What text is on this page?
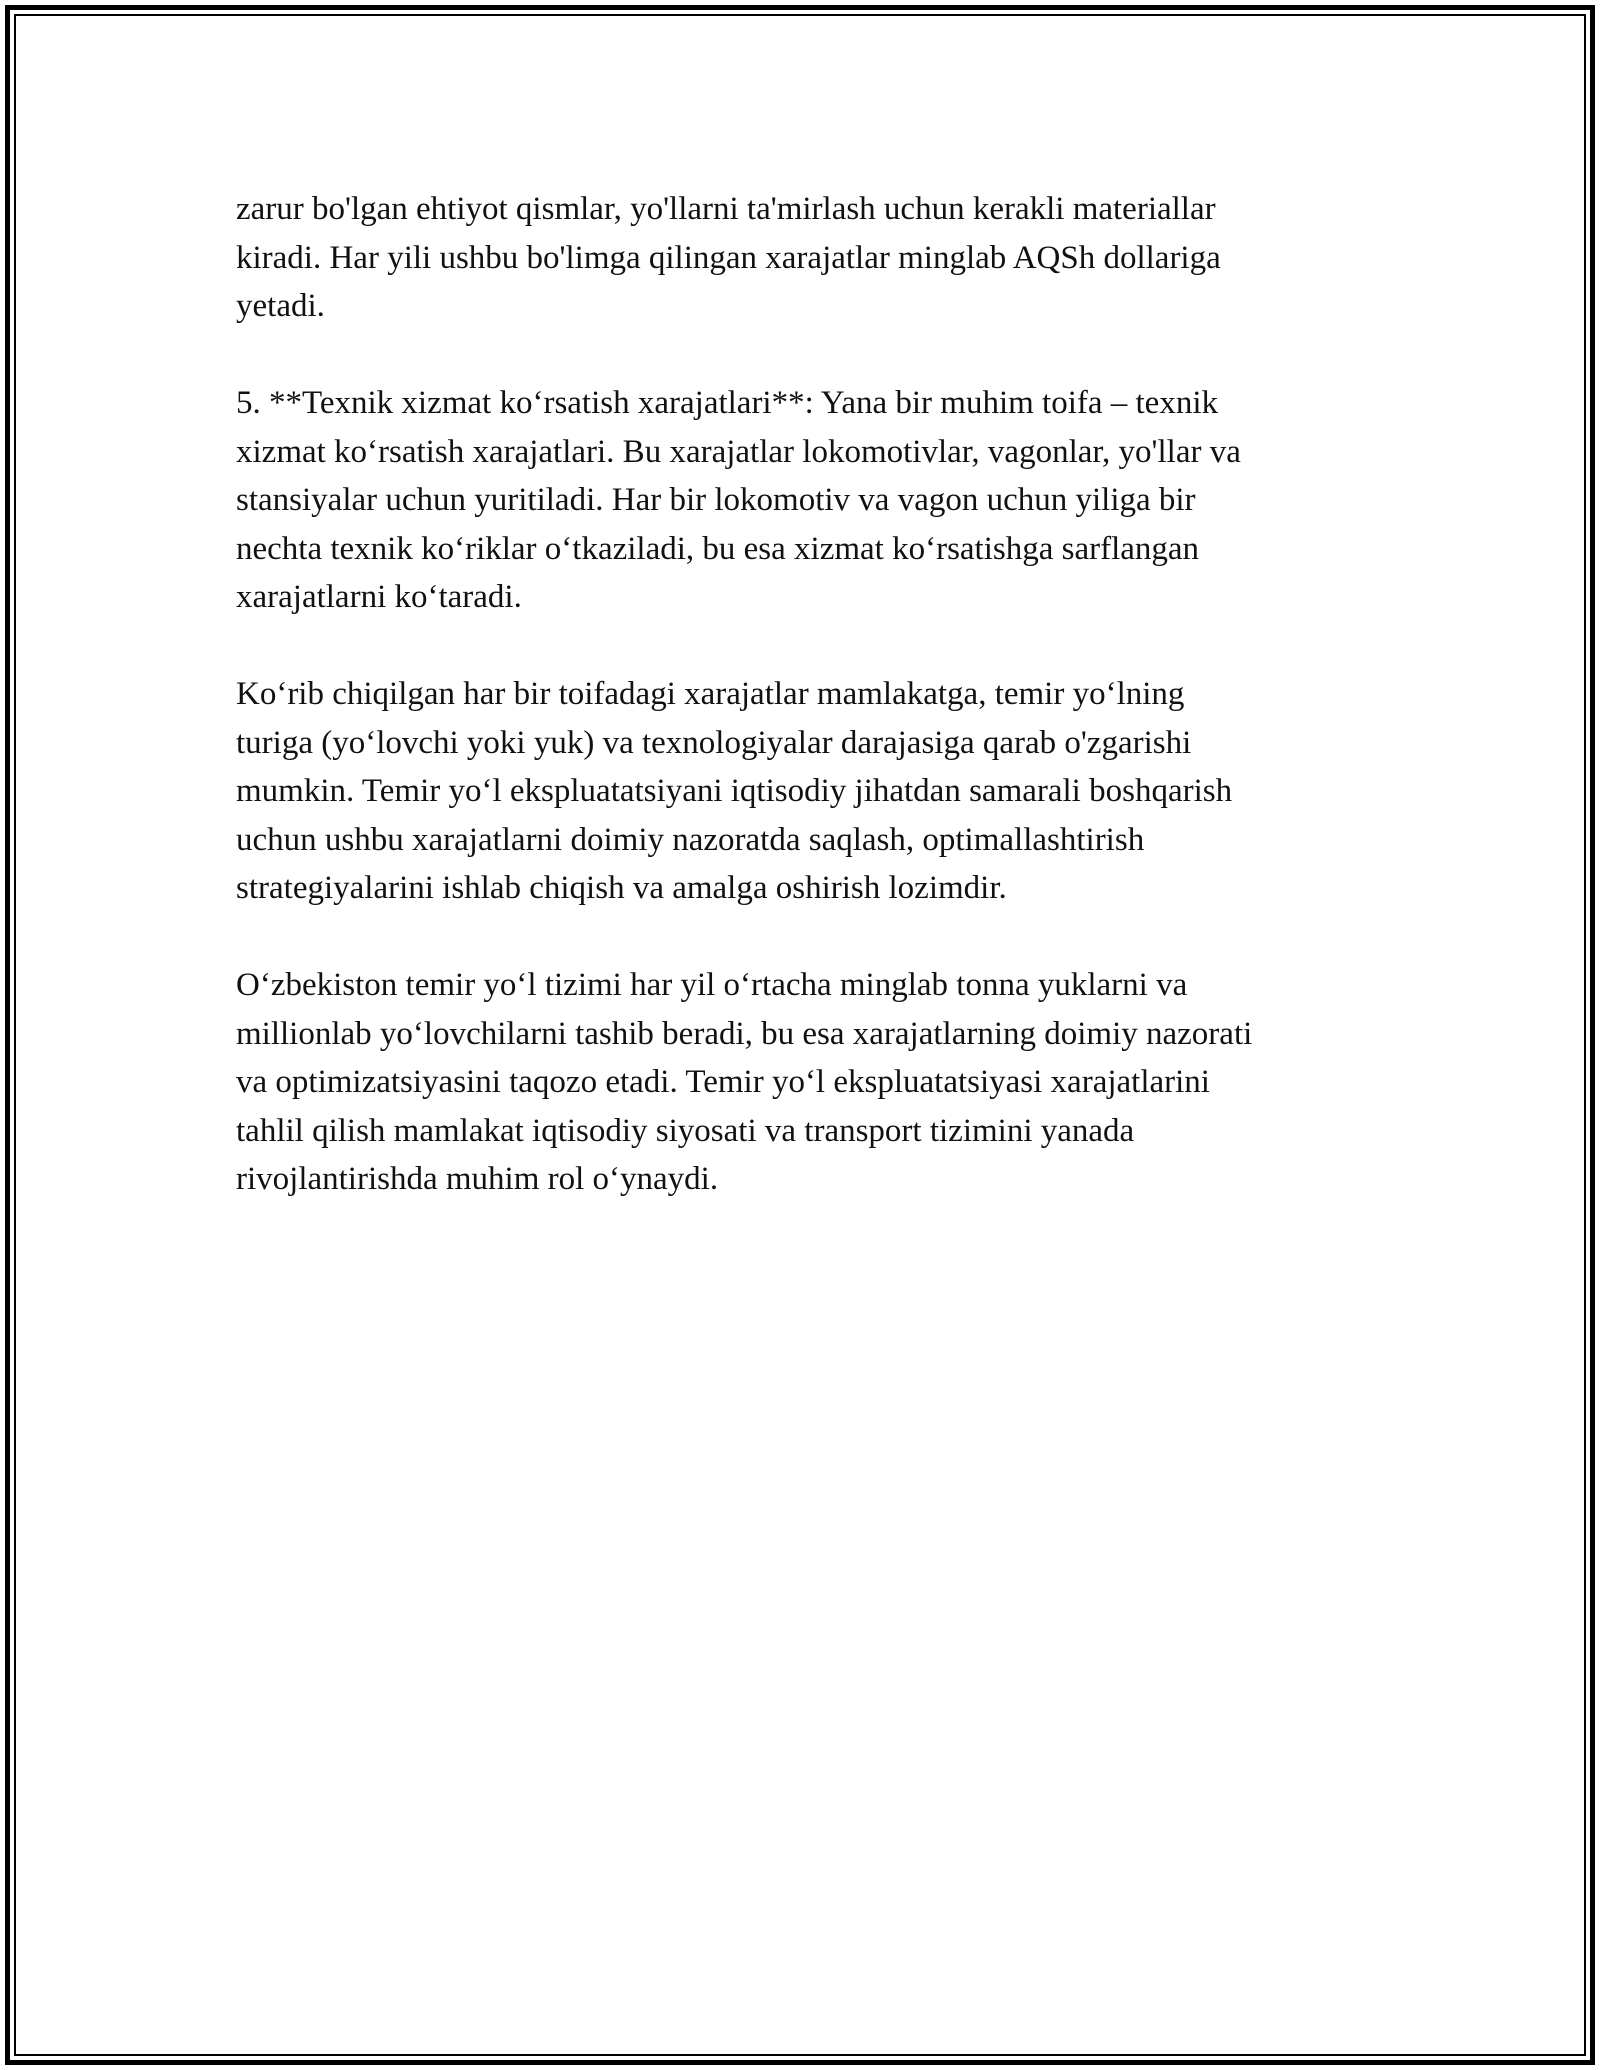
zarur bo'lgan ehtiyot qismlar, yo'llarni ta'mirlash uchun kerakli materiallar
kiradi. Har yili ushbu bo'limga qilingan xarajatlar minglab AQSh dollariga
yetadi.

5. **Texnik xizmat koʻrsatish xarajatlari**: Yana bir muhim toifa – texnik
xizmat koʻrsatish xarajatlari. Bu xarajatlar lokomotivlar, vagonlar, yo'llar va
stansiyalar uchun yuritiladi. Har bir lokomotiv va vagon uchun yiliga bir
nechta texnik koʻriklar oʻtkaziladi, bu esa xizmat koʻrsatishga sarflangan
xarajatlarni koʻtaradi.

Koʻrib chiqilgan har bir toifadagi xarajatlar mamlakatga, temir yoʻlning
turiga (yoʻlovchi yoki yuk) va texnologiyalar darajasiga qarab o'zgarishi
mumkin. Temir yoʻl ekspluatatsiyani iqtisodiy jihatdan samarali boshqarish
uchun ushbu xarajatlarni doimiy nazoratda saqlash, optimallashtirish
strategiyalarini ishlab chiqish va amalga oshirish lozimdir.

Oʻzbekiston temir yoʻl tizimi har yil oʻrtacha minglab tonna yuklarni va
millionlab yoʻlovchilarni tashib beradi, bu esa xarajatlarning doimiy nazorati
va optimizatsiyasini taqozo etadi. Temir yoʻl ekspluatatsiyasi xarajatlarini
tahlil qilish mamlakat iqtisodiy siyosati va transport tizimini yanada
rivojlantirishda muhim rol oʻynaydi.
